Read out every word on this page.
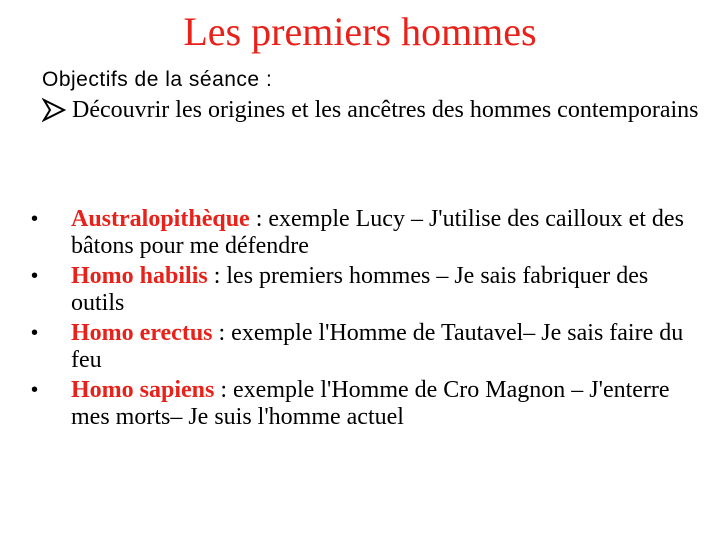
Les premiers hommes
Objectifs de la séance :
Découvrir les origines et les ancêtres des hommes contemporains
• Australopithèque : exemple Lucy – J'utilise des cailloux et des bâtons pour me défendre
• Homo habilis : les premiers hommes – Je sais fabriquer des outils
• Homo erectus : exemple l'Homme de Tautavel– Je sais faire du feu
• Homo sapiens : exemple l'Homme de Cro Magnon – J'enterre mes morts– Je suis l'homme actuel
